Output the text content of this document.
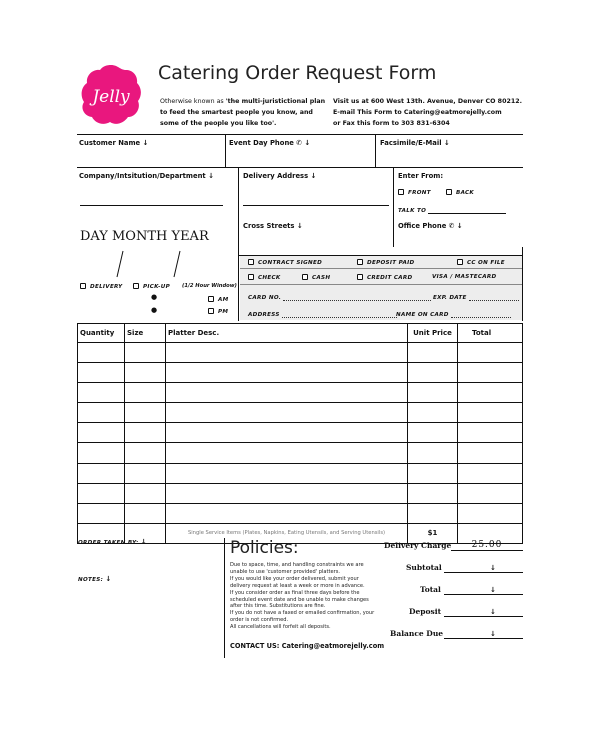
Jelly
Catering Order Request Form
Otherwise known as 'the multi-juristictional plan to feed the smartest people you know, and some of the people you like too'.
Visit us at 600 West 13th. Avenue, Denver CO 80212.
E-mail This Form to Catering@eatmorejelly.com
or Fax this form to 303 831-6304
Customer Name ↓	Event Day Phone ✆ ↓	Facsimile/E-Mail ↓
Company/Intsitution/Department ↓	Delivery Address ↓
Cross Streets ↓
Enter From:
FRONT	BACK
TALK TO
Office Phone ✆ ↓
DAY MONTH YEAR
DELIVERY	PICK-UP (1/2 Hour Window)
●
●
AM
PM
CONTRACT SIGNED	DEPOSIT PAID	CC ON FILE
CHECK	CASH	CREDIT CARD	VISA / MASTECARD
CARD NO.	EXP. DATE
ADDRESS	NAME ON CARD
Quantity	Size	Platter Desc.	Unit Price	Total

		Single Service Items (Plates, Napkins, Eating Utensils, and Serving Utensils)	$1	
ORDER TAKEN BY: ↓
NOTES: ↓
Policies:
Due to space, time, and handling constraints we are unable to use 'customer provided' platters.
If you would like your order delivered, submit your delivery request at least a week or more in advance.
If you consider order as final three days before the scheduled event date and be unable to make changes after this time. Substitutions are fine.
If you do not have a faxed or emailed confirmation, your order is not confirmed.
All cancellations will forfeit all deposits.
CONTACT US: Catering@eatmorejelly.com
Delivery Charge	25.00
Subtotal	↓
Total	↓
Deposit	↓
Balance Due	↓
